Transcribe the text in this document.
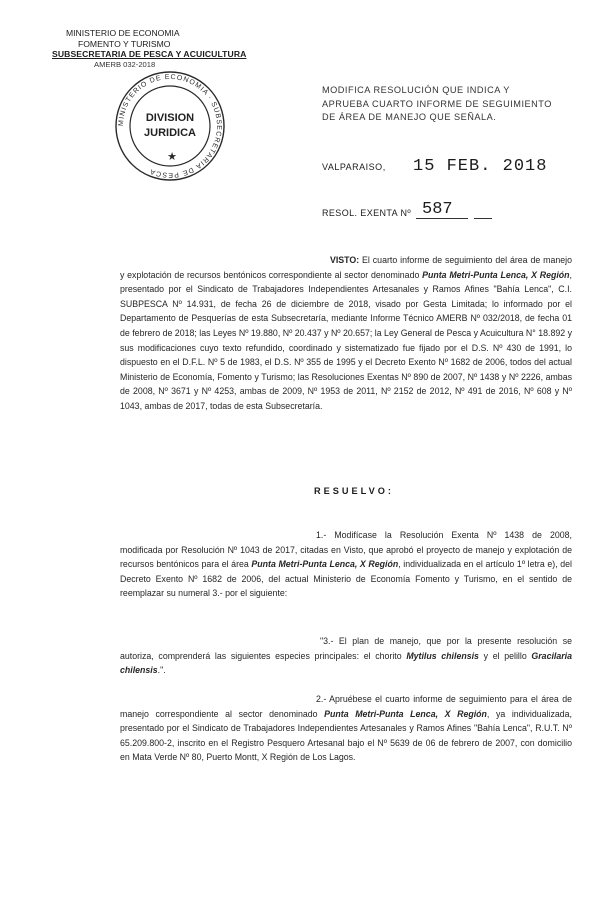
MINISTERIO DE ECONOMIA
FOMENTO Y TURISMO
SUBSECRETARIA DE PESCA Y ACUICULTURA
AMERB 032-2018
MINISTERIO DE ECONOMIA · SUBSECRETARIA DE PESCA
DIVISION
JURIDICA
★
MODIFICA RESOLUCIÓN QUE INDICA Y APRUEBA CUARTO INFORME DE SEGUIMIENTO DE ÁREA DE MANEJO QUE SEÑALA.
VALPARAISO, 15 FEB. 2018
RESOL. EXENTA Nº 587
VISTO: El cuarto informe de seguimiento del área de manejo y explotación de recursos bentónicos correspondiente al sector denominado Punta Metri-Punta Lenca, X Región, presentado por el Sindicato de Trabajadores Independientes Artesanales y Ramos Afines "Bahía Lenca", C.I. SUBPESCA Nº 14.931, de fecha 26 de diciembre de 2018, visado por Gesta Limitada; lo informado por el Departamento de Pesquerías de esta Subsecretaría, mediante Informe Técnico AMERB Nº 032/2018, de fecha 01 de febrero de 2018; las Leyes Nº 19.880, Nº 20.437 y Nº 20.657; la Ley General de Pesca y Acuicultura N° 18.892 y sus modificaciones cuyo texto refundido, coordinado y sistematizado fue fijado por el D.S. Nº 430 de 1991, lo dispuesto en el D.F.L. Nº 5 de 1983, el D.S. Nº 355 de 1995 y el Decreto Exento Nº 1682 de 2006, todos del actual Ministerio de Economía, Fomento y Turismo; las Resoluciones Exentas Nº 890 de 2007, Nº 1438 y Nº 2226, ambas de 2008, Nº 3671 y Nº 4253, ambas de 2009, Nº 1953 de 2011, Nº 2152 de 2012, Nº 491 de 2016, Nº 608 y Nº 1043, ambas de 2017, todas de esta Subsecretaría.
RESUELVO:
1.- Modifícase la Resolución Exenta Nº 1438 de 2008, modificada por Resolución Nº 1043 de 2017, citadas en Visto, que aprobó el proyecto de manejo y explotación de recursos bentónicos para el área Punta Metri-Punta Lenca, X Región, individualizada en el artículo 1º letra e), del Decreto Exento Nº 1682 de 2006, del actual Ministerio de Economía Fomento y Turismo, en el sentido de reemplazar su numeral 3.- por el siguiente:
"3.- El plan de manejo, que por la presente resolución se autoriza, comprenderá las siguientes especies principales: el chorito Mytilus chilensis y el pelillo Gracilaria chilensis.".
2.- Apruébese el cuarto informe de seguimiento para el área de manejo correspondiente al sector denominado Punta Metri-Punta Lenca, X Región, ya individualizada, presentado por el Sindicato de Trabajadores Independientes Artesanales y Ramos Afines "Bahía Lenca", R.U.T. Nº 65.209.800-2, inscrito en el Registro Pesquero Artesanal bajo el Nº 5639 de 06 de febrero de 2007, con domicilio en Mata Verde Nº 80, Puerto Montt, X Región de Los Lagos.
